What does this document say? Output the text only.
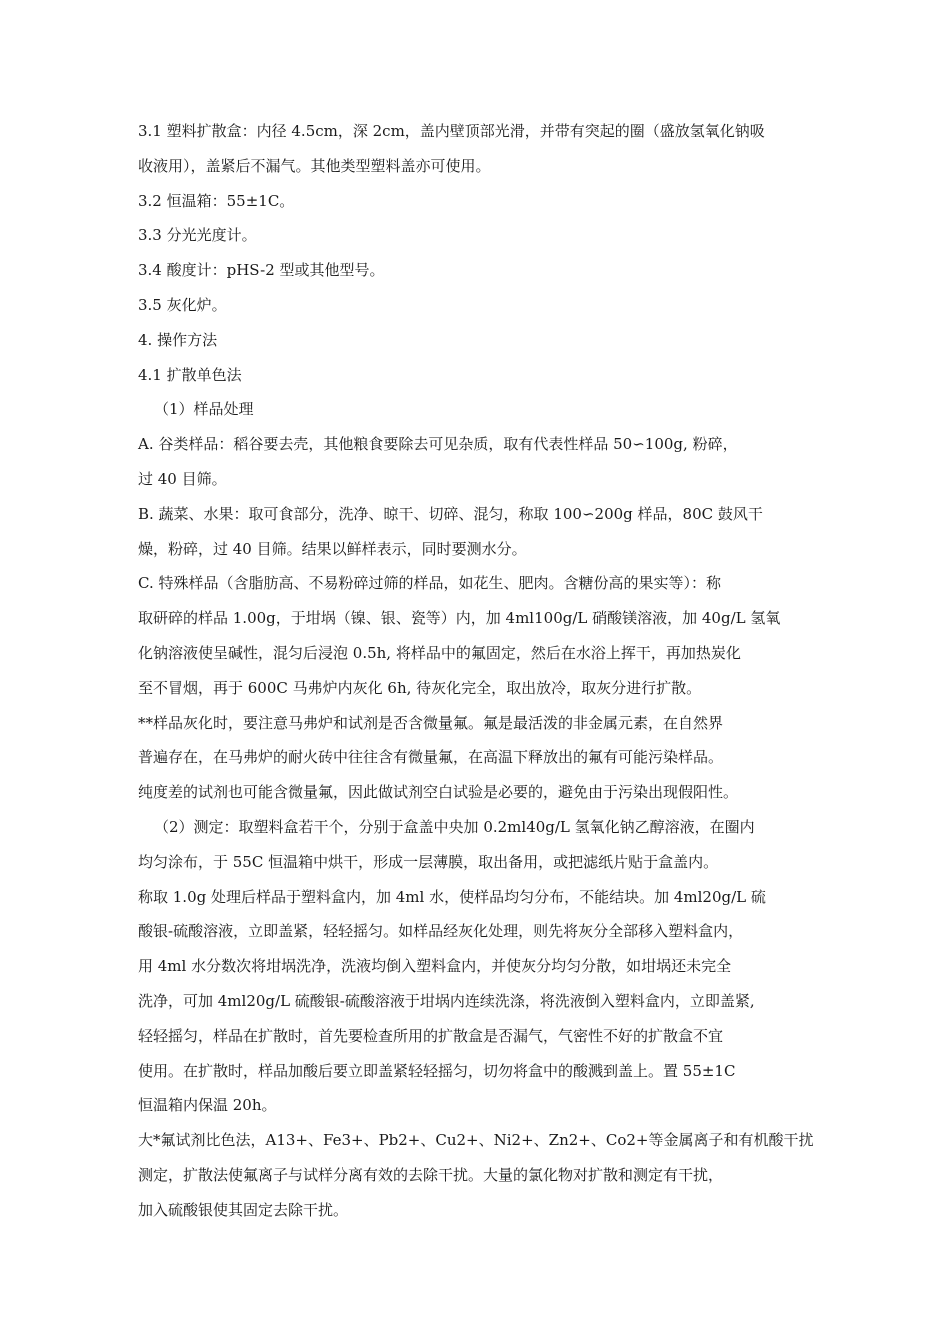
3.1 塑料扩散盒：内径 4.5cm，深 2cm，盖内壁顶部光滑，并带有突起的圈（盛放氢氧化钠吸
收液用），盖紧后不漏气。其他类型塑料盖亦可使用。
3.2 恒温箱：55±1C。
3.3 分光光度计。
3.4 酸度计：pHS-2 型或其他型号。
3.5 灰化炉。
4. 操作方法
4.1 扩散单色法
（1）样品处理
A. 谷类样品：稻谷要去壳，其他粮食要除去可见杂质，取有代表性样品 50∽100g, 粉碎，
过 40 目筛。
B. 蔬菜、水果：取可食部分，洗净、晾干、切碎、混匀，称取 100∽200g 样品，80C 鼓风干
燥，粉碎，过 40 目筛。结果以鲜样表示，同时要测水分。
C. 特殊样品（含脂肪高、不易粉碎过筛的样品，如花生、肥肉。含糖份高的果实等）：称
取研碎的样品 1.00g，于坩埚（镍、银、瓷等）内，加 4ml100g/L 硝酸镁溶液，加 40g/L 氢氧
化钠溶液使呈碱性，混匀后浸泡 0.5h, 将样品中的氟固定，然后在水浴上挥干，再加热炭化
至不冒烟，再于 600C 马弗炉内灰化 6h, 待灰化完全，取出放冷，取灰分进行扩散。
**样品灰化时，要注意马弗炉和试剂是否含微量氟。氟是最活泼的非金属元素，在自然界
普遍存在，在马弗炉的耐火砖中往往含有微量氟，在高温下释放出的氟有可能污染样品。
纯度差的试剂也可能含微量氟，因此做试剂空白试验是必要的，避免由于污染出现假阳性。
（2）测定：取塑料盒若干个，分别于盒盖中央加 0.2ml40g/L 氢氧化钠乙醇溶液，在圈内
均匀涂布，于 55C 恒温箱中烘干，形成一层薄膜，取出备用，或把滤纸片贴于盒盖内。
称取 1.0g 处理后样品于塑料盒内，加 4ml 水，使样品均匀分布，不能结块。加 4ml20g/L 硫
酸银-硫酸溶液，立即盖紧，轻轻摇匀。如样品经灰化处理，则先将灰分全部移入塑料盒内，
用 4ml 水分数次将坩埚洗净，洗液均倒入塑料盒内，并使灰分均匀分散，如坩埚还未完全
洗净，可加 4ml20g/L 硫酸银-硫酸溶液于坩埚内连续洗涤，将洗液倒入塑料盒内，立即盖紧,
轻轻摇匀，样品在扩散时，首先要检查所用的扩散盒是否漏气，气密性不好的扩散盒不宜
使用。在扩散时，样品加酸后要立即盖紧轻轻摇匀，切勿将盒中的酸溅到盖上。置 55±1C
恒温箱内保温 20h。
大*氟试剂比色法，A13+、Fe3+、Pb2+、Cu2+、Ni2+、Zn2+、Co2+等金属离子和有机酸干扰
测定，扩散法使氟离子与试样分离有效的去除干扰。大量的氯化物对扩散和测定有干扰，
加入硫酸银使其固定去除干扰。
